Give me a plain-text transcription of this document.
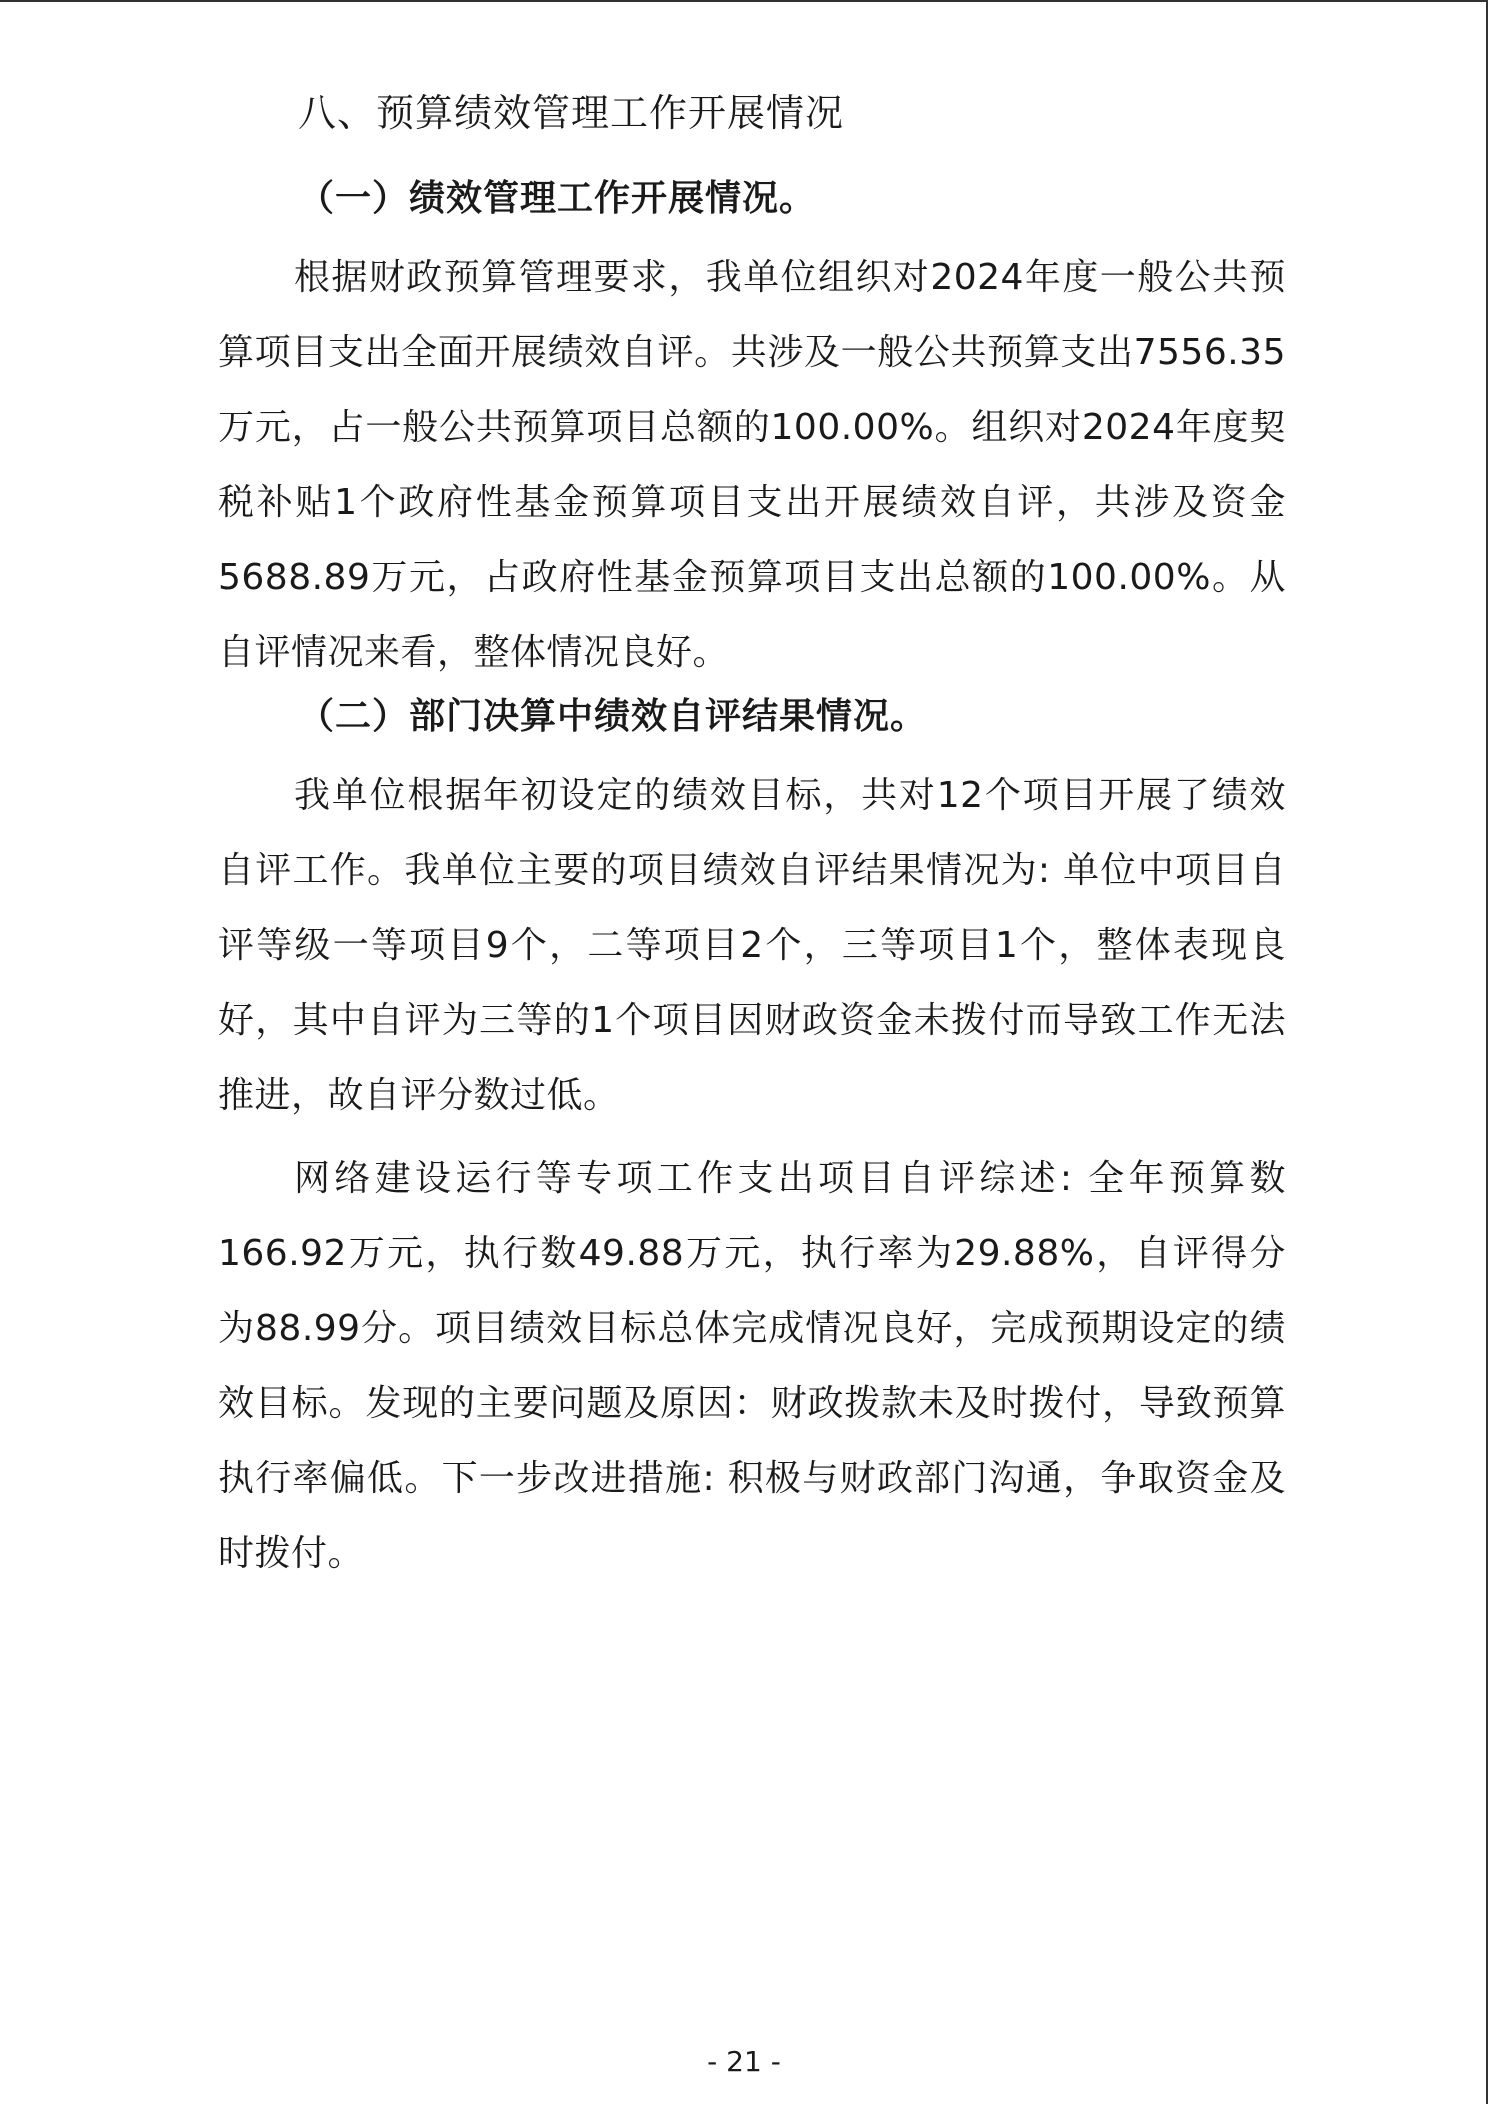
八、预算绩效管理工作开展情况
（一）绩效管理工作开展情况。

根据财政预算管理要求，我单位组织对2024年度一般公共预算项目支出全面开展绩效自评。共涉及一般公共预算支出7556.35万元，占一般公共预算项目总额的100.00%。组织对2024年度契税补贴1个政府性基金预算项目支出开展绩效自评，共涉及资金5688.89万元，占政府性基金预算项目支出总额的100.00%。从自评情况来看，整体情况良好。

（二）部门决算中绩效自评结果情况。

我单位根据年初设定的绩效目标，共对12个项目开展了绩效自评工作。我单位主要的项目绩效自评结果情况为: 单位中项目自评等级一等项目9个，二等项目2个，三等项目1个，整体表现良好，其中自评为三等的1个项目因财政资金未拨付而导致工作无法推进，故自评分数过低。

网络建设运行等专项工作支出项目自评综述: 全年预算数166.92万元，执行数49.88万元，执行率为29.88%，自评得分为88.99分。项目绩效目标总体完成情况良好，完成预期设定的绩效目标。发现的主要问题及原因：财政拨款未及时拨付，导致预算执行率偏低。下一步改进措施: 积极与财政部门沟通，争取资金及时拨付。

- 21 -
